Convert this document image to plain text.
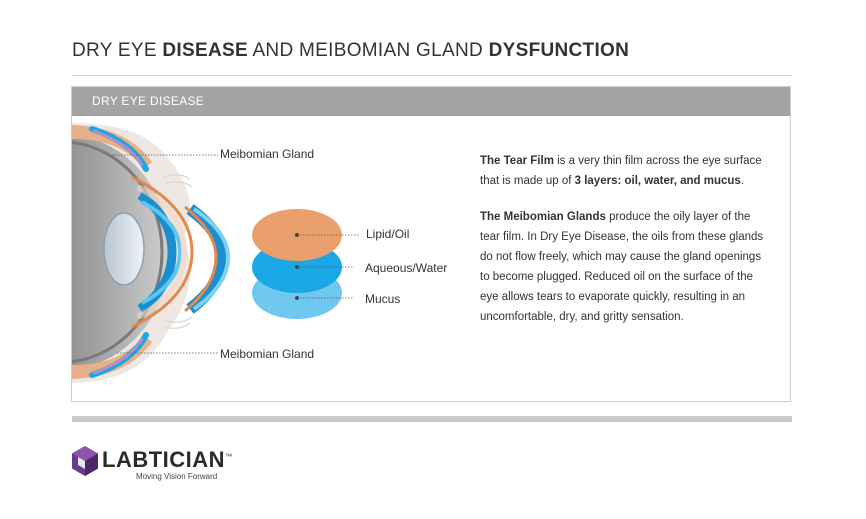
DRY EYE DISEASE AND MEIBOMIAN GLAND DYSFUNCTION
DRY EYE DISEASE
Meibomian Gland
Lipid/Oil
Aqueous/Water
Mucus
Meibomian Gland

The Tear Film is a very thin film across the eye surface that is made up of 3 layers: oil, water, and mucus.

The Meibomian Glands produce the oily layer of the tear film. In Dry Eye Disease, the oils from these glands do not flow freely, which may cause the gland openings to become plugged. Reduced oil on the surface of the eye allows tears to evaporate quickly, resulting in an uncomfortable, dry, and gritty sensation.

LABTICIAN™
Moving Vision Forward
